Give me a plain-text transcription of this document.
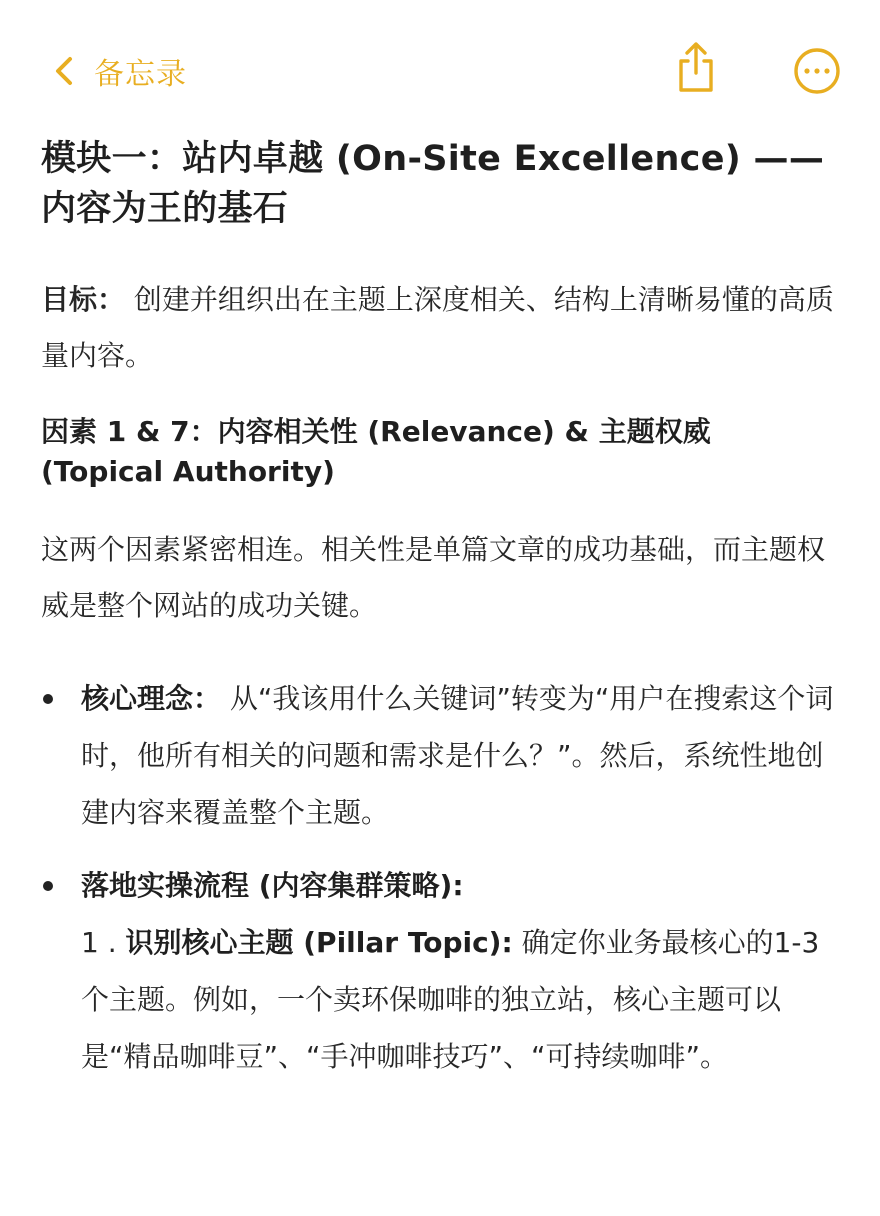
备忘录
模块一：站内卓越 (On-Site Excellence) —— 内容为王的基石

目标： 创建并组织出在主题上深度相关、结构上清晰易懂的高质量内容。

因素 1 & 7：内容相关性 (Relevance) & 主题权威 (Topical Authority)

这两个因素紧密相连。相关性是单篇文章的成功基础，而主题权威是整个网站的成功关键。

核心理念： 从“我该用什么关键词”转变为“用户在搜索这个词时，他所有相关的问题和需求是什么？”。然后，系统性地创建内容来覆盖整个主题。
落地实操流程 (内容集群策略):
1 . 识别核心主题 (Pillar Topic): 确定你业务最核心的1-3个主题。例如，一个卖环保咖啡的独立站，核心主题可以是“精品咖啡豆”、“手冲咖啡技巧”、“可持续咖啡”。
